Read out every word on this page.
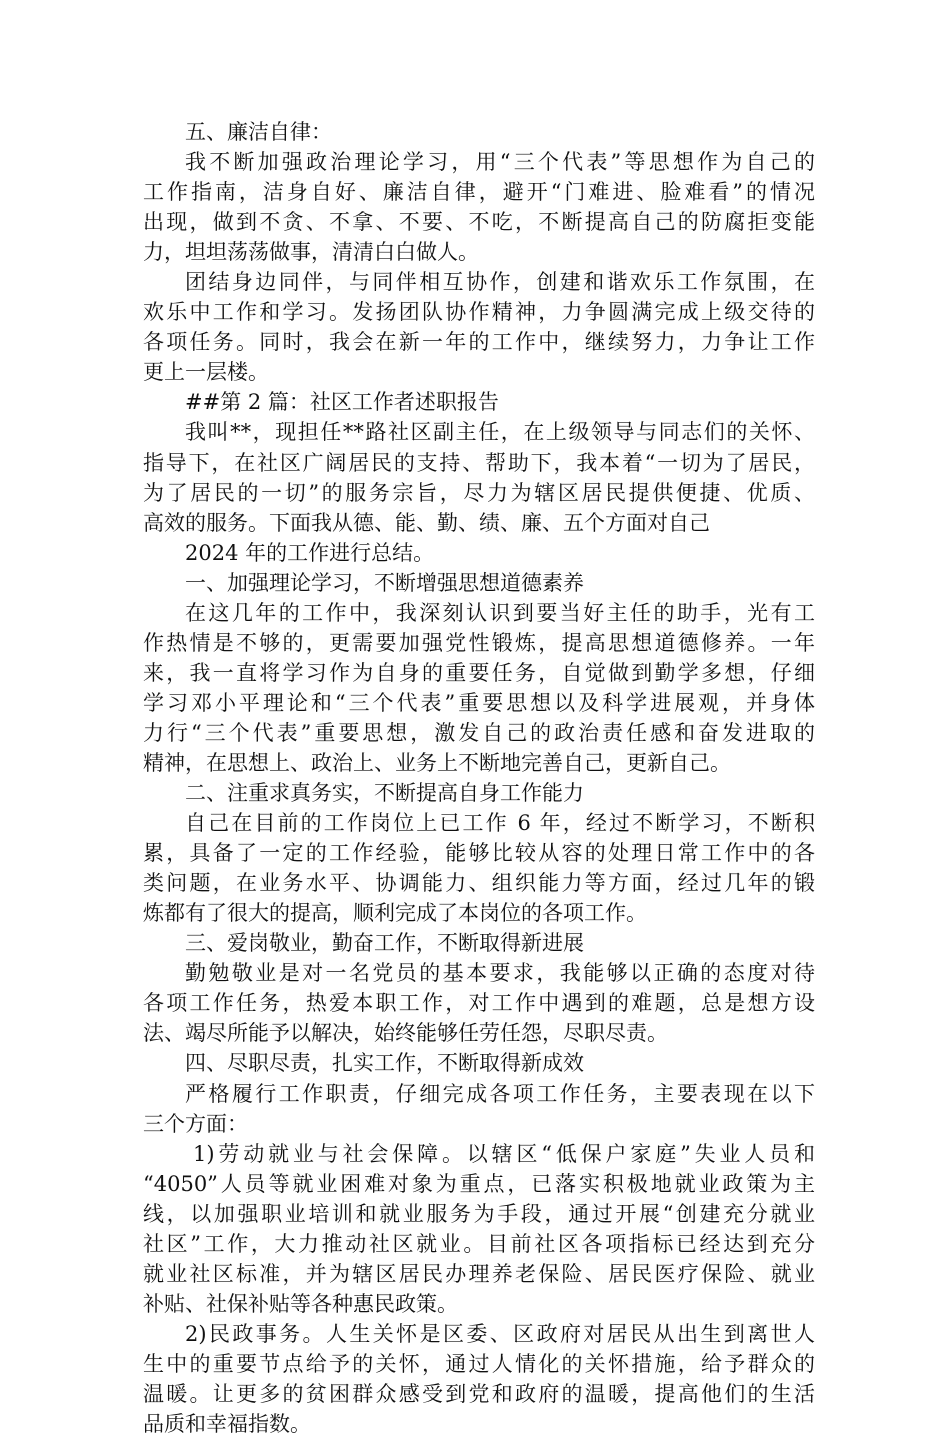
五、廉洁自律：
我不断加强政治理论学习，用“三个代表”等思想作为自己的
工作指南，洁身自好、廉洁自律，避开“门难进、脸难看”的情况
出现，做到不贪、不拿、不要、不吃，不断提高自己的防腐拒变能
力，坦坦荡荡做事，清清白白做人。
团结身边同伴，与同伴相互协作，创建和谐欢乐工作氛围，在
欢乐中工作和学习。发扬团队协作精神，力争圆满完成上级交待的
各项任务。同时，我会在新一年的工作中，继续努力，力争让工作
更上一层楼。
##第 2 篇：社区工作者述职报告
我叫**，现担任**路社区副主任，在上级领导与同志们的关怀、
指导下，在社区广阔居民的支持、帮助下，我本着“一切为了居民，
为了居民的一切”的服务宗旨，尽力为辖区居民提供便捷、优质、
高效的服务。下面我从德、能、勤、绩、廉、五个方面对自己
2024 年的工作进行总结。
一、加强理论学习，不断增强思想道德素养
在这几年的工作中，我深刻认识到要当好主任的助手，光有工
作热情是不够的，更需要加强党性锻炼，提高思想道德修养。一年
来，我一直将学习作为自身的重要任务，自觉做到勤学多想，仔细
学习邓小平理论和“三个代表”重要思想以及科学进展观，并身体
力行“三个代表”重要思想，激发自己的政治责任感和奋发进取的
精神，在思想上、政治上、业务上不断地完善自己，更新自己。
二、注重求真务实，不断提高自身工作能力
自己在目前的工作岗位上已工作 6 年，经过不断学习，不断积
累，具备了一定的工作经验，能够比较从容的处理日常工作中的各
类问题，在业务水平、协调能力、组织能力等方面，经过几年的锻
炼都有了很大的提高，顺利完成了本岗位的各项工作。
三、爱岗敬业，勤奋工作，不断取得新进展
勤勉敬业是对一名党员的基本要求，我能够以正确的态度对待
各项工作任务，热爱本职工作，对工作中遇到的难题，总是想方设
法、竭尽所能予以解决，始终能够任劳任怨，尽职尽责。
四、尽职尽责，扎实工作，不断取得新成效
严格履行工作职责，仔细完成各项工作任务，主要表现在以下
三个方面：
1)劳动就业与社会保障。以辖区“低保户家庭”失业人员和
“4050”人员等就业困难对象为重点，已落实积极地就业政策为主
线，以加强职业培训和就业服务为手段，通过开展“创建充分就业
社区”工作，大力推动社区就业。目前社区各项指标已经达到充分
就业社区标准，并为辖区居民办理养老保险、居民医疗保险、就业
补贴、社保补贴等各种惠民政策。
2)民政事务。人生关怀是区委、区政府对居民从出生到离世人
生中的重要节点给予的关怀，通过人情化的关怀措施，给予群众的
温暖。让更多的贫困群众感受到党和政府的温暖，提高他们的生活
品质和幸福指数。
